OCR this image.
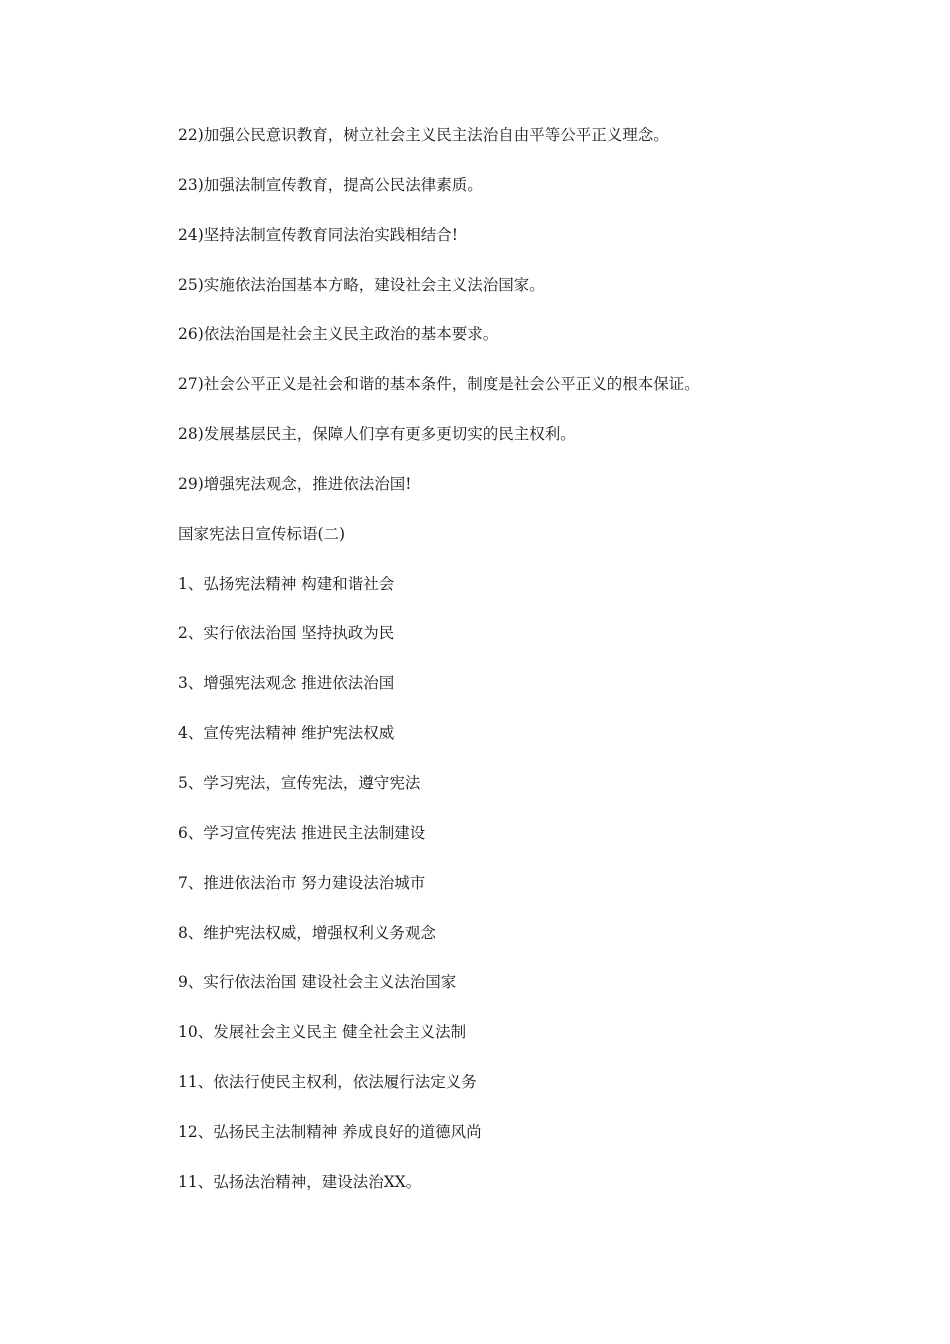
22)加强公民意识教育，树立社会主义民主法治自由平等公平正义理念。
23)加强法制宣传教育，提高公民法律素质。
24)坚持法制宣传教育同法治实践相结合!
25)实施依法治国基本方略，建设社会主义法治国家。
26)依法治国是社会主义民主政治的基本要求。
27)社会公平正义是社会和谐的基本条件，制度是社会公平正义的根本保证。
28)发展基层民主，保障人们享有更多更切实的民主权利。
29)增强宪法观念，推进依法治国!
国家宪法日宣传标语(二)
1、弘扬宪法精神 构建和谐社会
2、实行依法治国 坚持执政为民
3、增强宪法观念 推进依法治国
4、宣传宪法精神 维护宪法权威
5、学习宪法，宣传宪法，遵守宪法
6、学习宣传宪法 推进民主法制建设
7、推进依法治市 努力建设法治城市
8、维护宪法权威，增强权利义务观念
9、实行依法治国 建设社会主义法治国家
10、发展社会主义民主 健全社会主义法制
11、依法行使民主权利，依法履行法定义务
12、弘扬民主法制精神 养成良好的道德风尚
11、弘扬法治精神，建设法治XX。
